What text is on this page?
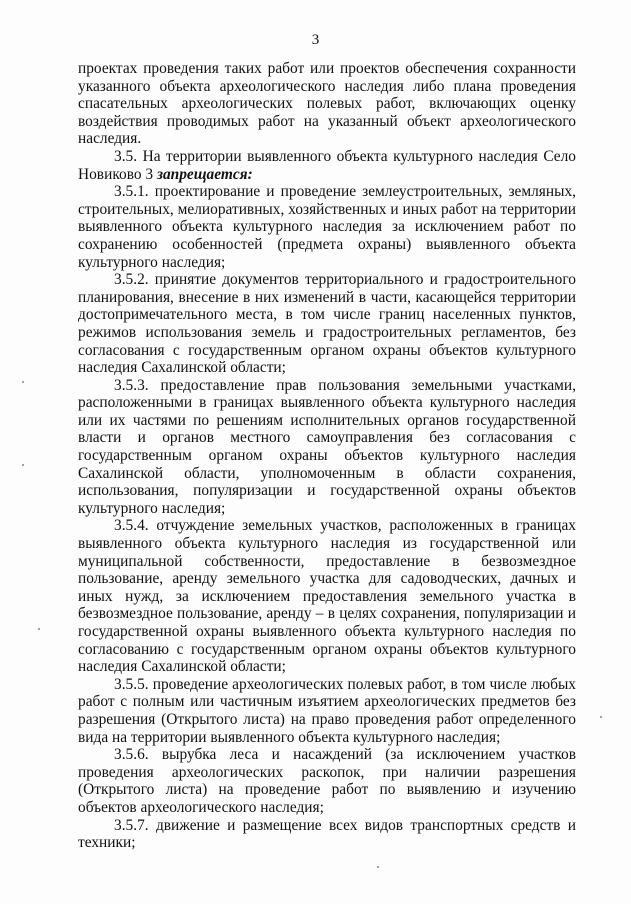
3

проектах проведения таких работ или проектов обеспечения сохранности указанного объекта археологического наследия либо плана проведения спасательных археологических полевых работ, включающих оценку воздействия проводимых работ на указанный объект археологического наследия.

3.5. На территории выявленного объекта культурного наследия Село Новиково 3 запрещается:

3.5.1. проектирование и проведение землеустроительных, земляных, строительных, мелиоративных, хозяйственных и иных работ на территории выявленного объекта культурного наследия за исключением работ по сохранению особенностей (предмета охраны) выявленного объекта культурного наследия;

3.5.2. принятие документов территориального и градостроительного планирования, внесение в них изменений в части, касающейся территории достопримечательного места, в том числе границ населенных пунктов, режимов использования земель и градостроительных регламентов, без согласования с государственным органом охраны объектов культурного наследия Сахалинской области;

3.5.3. предоставление прав пользования земельными участками, расположенными в границах выявленного объекта культурного наследия или их частями по решениям исполнительных органов государственной власти и органов местного самоуправления без согласования с государственным органом охраны объектов культурного наследия Сахалинской области, уполномоченным в области сохранения, использования, популяризации и государственной охраны объектов культурного наследия;

3.5.4. отчуждение земельных участков, расположенных в границах выявленного объекта культурного наследия из государственной или муниципальной собственности, предоставление в безвозмездное пользование, аренду земельного участка для садоводческих, дачных и иных нужд, за исключением предоставления земельного участка в безвозмездное пользование, аренду – в целях сохранения, популяризации и государственной охраны выявленного объекта культурного наследия по согласованию с государственным органом охраны объектов культурного наследия Сахалинской области;

3.5.5. проведение археологических полевых работ, в том числе любых работ с полным или частичным изъятием археологических предметов без разрешения (Открытого листа) на право проведения работ определенного вида на территории выявленного объекта культурного наследия;

3.5.6. вырубка леса и насаждений (за исключением участков проведения археологических раскопок, при наличии разрешения (Открытого листа) на проведение работ по выявлению и изучению объектов археологического наследия;

3.5.7. движение и размещение всех видов транспортных средств и техники;
